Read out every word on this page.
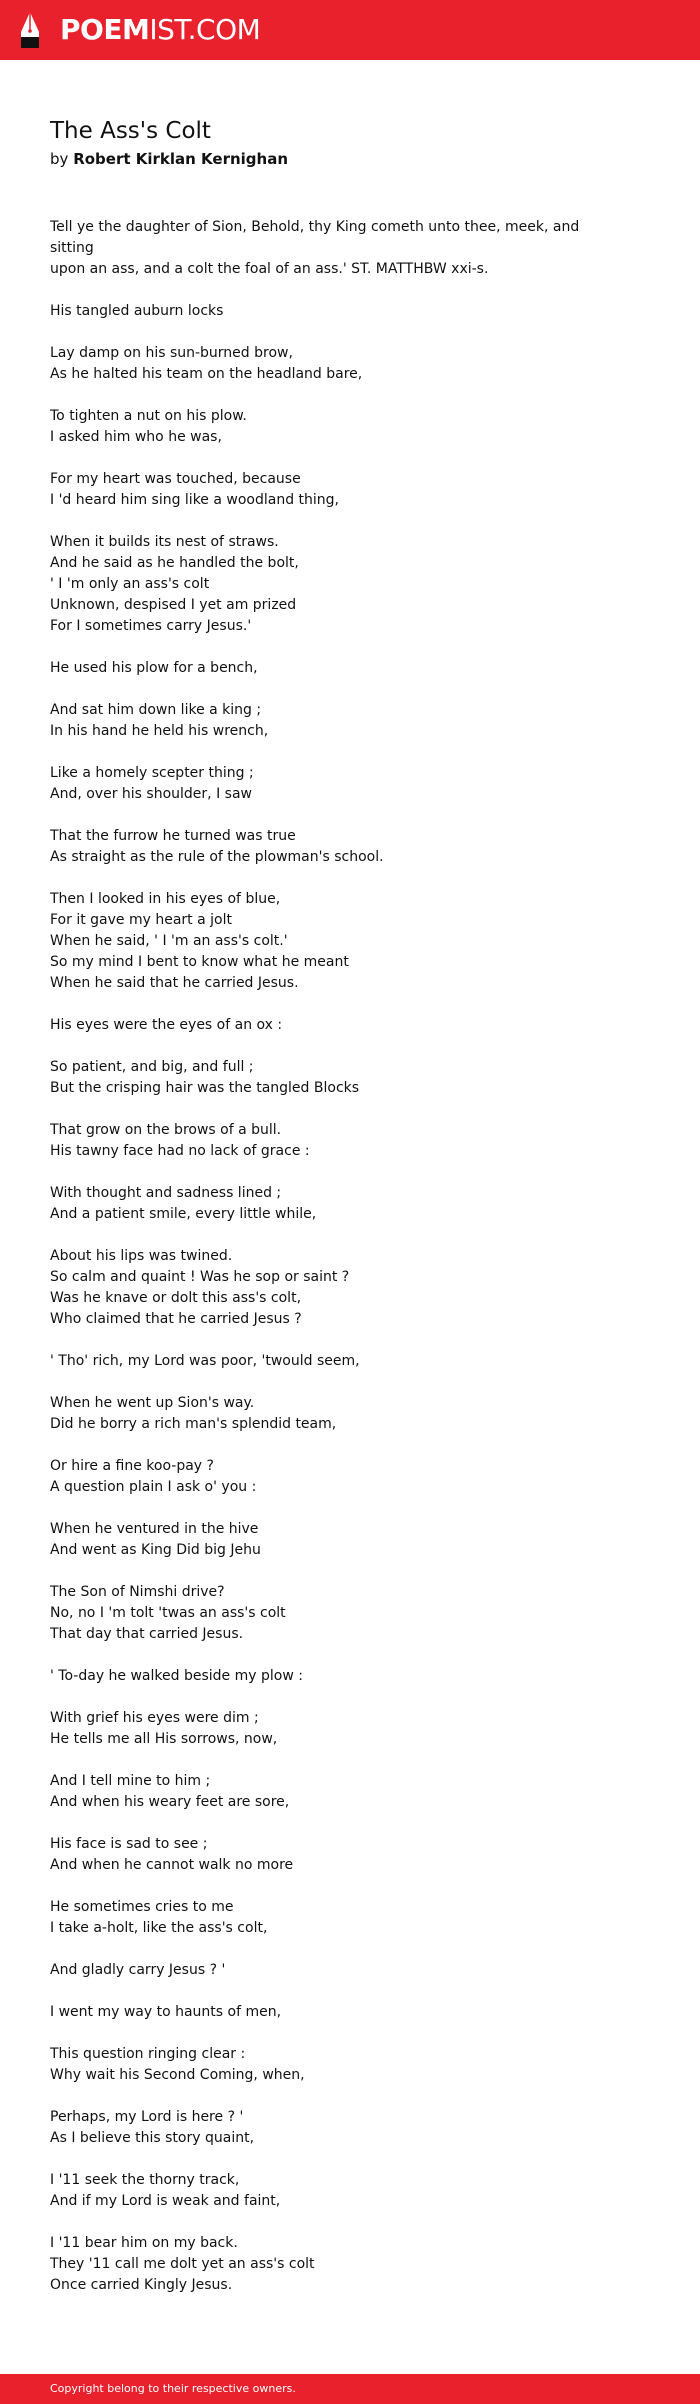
POEMIST.COM
The Ass's Colt
by Robert Kirklan Kernighan
Tell ye the daughter of Sion, Behold, thy King cometh unto thee, meek, and sitting
upon an ass, and a colt the foal of an ass.' ST. MATTHBW xxi-s.
His tangled auburn locks
Lay damp on his sun-burned brow,
As he halted his team on the headland bare,
To tighten a nut on his plow.
I asked him who he was,
For my heart was touched, because
I 'd heard him sing like a woodland thing,
When it builds its nest of straws.
And he said as he handled the bolt,
' I 'm only an ass's colt
Unknown, despised I yet am prized
For I sometimes carry Jesus.'
He used his plow for a bench,
And sat him down like a king ;
In his hand he held his wrench,
Like a homely scepter thing ;
And, over his shoulder, I saw
That the furrow he turned was true
As straight as the rule of the plowman's school.
Then I looked in his eyes of blue,
For it gave my heart a jolt
When he said, ' I 'm an ass's colt.'
So my mind I bent to know what he meant
When he said that he carried Jesus.
His eyes were the eyes of an ox :
So patient, and big, and full ;
But the crisping hair was the tangled Blocks
That grow on the brows of a bull.
His tawny face had no lack of grace :
With thought and sadness lined ;
And a patient smile, every little while,
About his lips was twined.
So calm and quaint ! Was he sop or saint ?
Was he knave or dolt this ass's colt,
Who claimed that he carried Jesus ?
' Tho' rich, my Lord was poor, 'twould seem,
When he went up Sion's way.
Did he borry a rich man's splendid team,
Or hire a fine koo-pay ?
A question plain I ask o' you :
When he ventured in the hive
And went as King Did big Jehu
The Son of Nimshi drive?
No, no I 'm tolt 'twas an ass's colt
That day that carried Jesus.
' To-day he walked beside my plow :
With grief his eyes were dim ;
He tells me all His sorrows, now,
And I tell mine to him ;
And when his weary feet are sore,
His face is sad to see ;
And when he cannot walk no more
He sometimes cries to me
I take a-holt, like the ass's colt,
And gladly carry Jesus ? '
I went my way to haunts of men,
This question ringing clear :
Why wait his Second Coming, when,
Perhaps, my Lord is here ? '
As I believe this story quaint,
I '11 seek the thorny track,
And if my Lord is weak and faint,
I '11 bear him on my back.
They '11 call me dolt yet an ass's colt
Once carried Kingly Jesus.
Copyright belong to their respective owners.
